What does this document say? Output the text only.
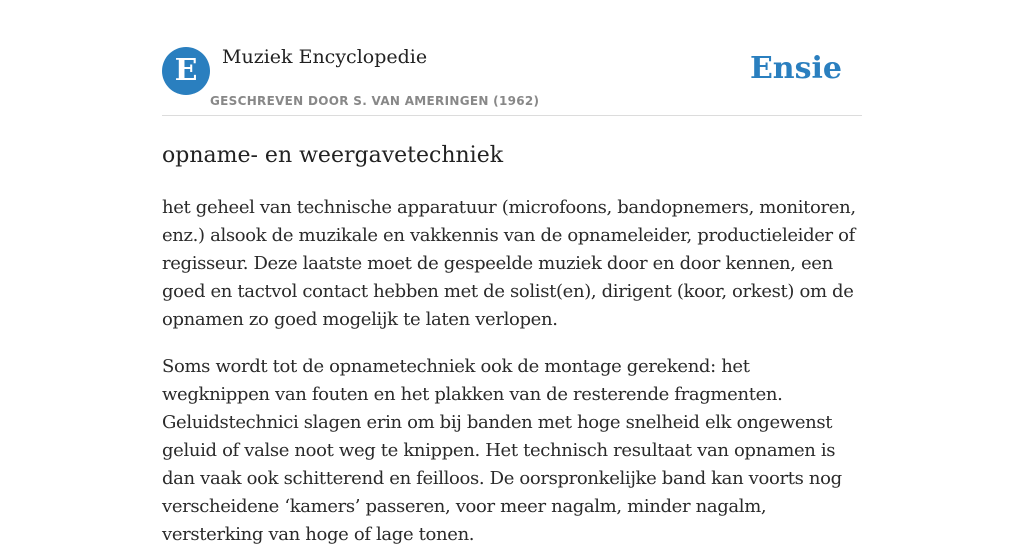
E	Muziek Encyclopedie
GESCHREVEN DOOR S. VAN AMERINGEN (1962)
Ensie
opname- en weergavetechniek

het geheel van technische apparatuur (microfoons, bandopnemers, monitoren, enz.) alsook de muzikale en vakkennis van de opnameleider, productieleider of regisseur. Deze laatste moet de gespeelde muziek door en door kennen, een goed en tactvol contact hebben met de solist(en), dirigent (koor, orkest) om de opnamen zo goed mogelijk te laten verlopen.

Soms wordt tot de opnametechniek ook de montage gerekend: het wegknippen van fouten en het plakken van de resterende fragmenten. Geluidstechnici slagen erin om bij banden met hoge snelheid elk ongewenst geluid of valse noot weg te knippen. Het technisch resultaat van opnamen is dan vaak ook schitterend en feilloos. De oorspronkelijke band kan voorts nog verscheidene ‘kamers’ passeren, voor meer nagalm, minder nagalm, versterking van hoge of lage tonen.
